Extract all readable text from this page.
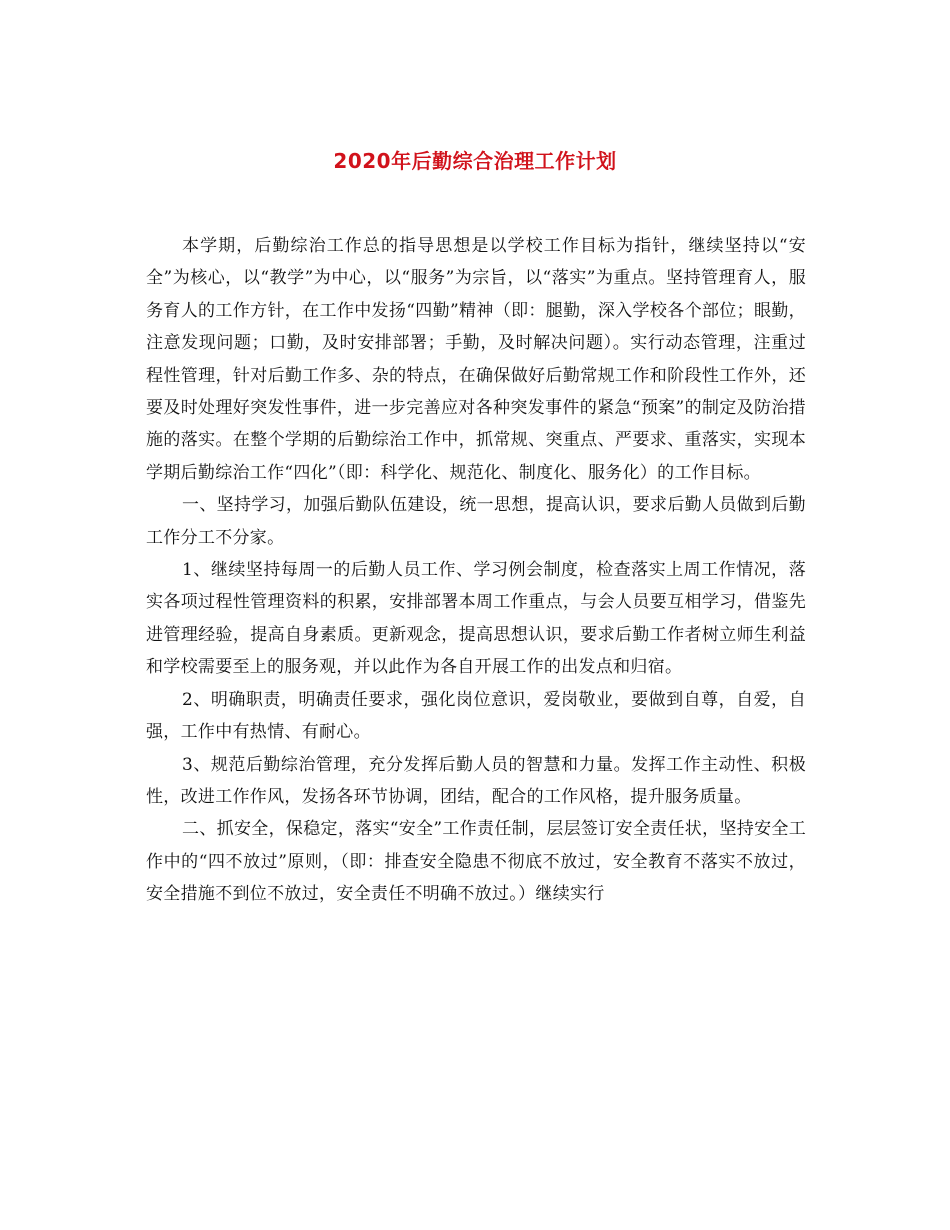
2020年后勤综合治理工作计划

本学期，后勤综治工作总的指导思想是以学校工作目标为指针，继续坚持以“安全”为核心，以“教学”为中心，以“服务”为宗旨，以“落实”为重点。坚持管理育人，服务育人的工作方针，在工作中发扬“四勤”精神（即：腿勤，深入学校各个部位；眼勤，注意发现问题；口勤，及时安排部署；手勤，及时解决问题）。实行动态管理，注重过程性管理，针对后勤工作多、杂的特点，在确保做好后勤常规工作和阶段性工作外，还要及时处理好突发性事件，进一步完善应对各种突发事件的紧急“预案”的制定及防治措施的落实。在整个学期的后勤综治工作中，抓常规、突重点、严要求、重落实，实现本学期后勤综治工作“四化”（即：科学化、规范化、制度化、服务化）的工作目标。

一、坚持学习，加强后勤队伍建设，统一思想，提高认识，要求后勤人员做到后勤工作分工不分家。

1、继续坚持每周一的后勤人员工作、学习例会制度，检查落实上周工作情况，落实各项过程性管理资料的积累，安排部署本周工作重点，与会人员要互相学习，借鉴先进管理经验，提高自身素质。更新观念，提高思想认识，要求后勤工作者树立师生利益和学校需要至上的服务观，并以此作为各自开展工作的出发点和归宿。

2、明确职责，明确责任要求，强化岗位意识，爱岗敬业，要做到自尊，自爱，自强，工作中有热情、有耐心。

3、规范后勤综治管理，充分发挥后勤人员的智慧和力量。发挥工作主动性、积极性，改进工作作风，发扬各环节协调，团结，配合的工作风格，提升服务质量。

二、抓安全，保稳定，落实“安全”工作责任制，层层签订安全责任状，坚持安全工作中的“四不放过”原则，（即：排查安全隐患不彻底不放过，安全教育不落实不放过，安全措施不到位不放过，安全责任不明确不放过。）继续实行
